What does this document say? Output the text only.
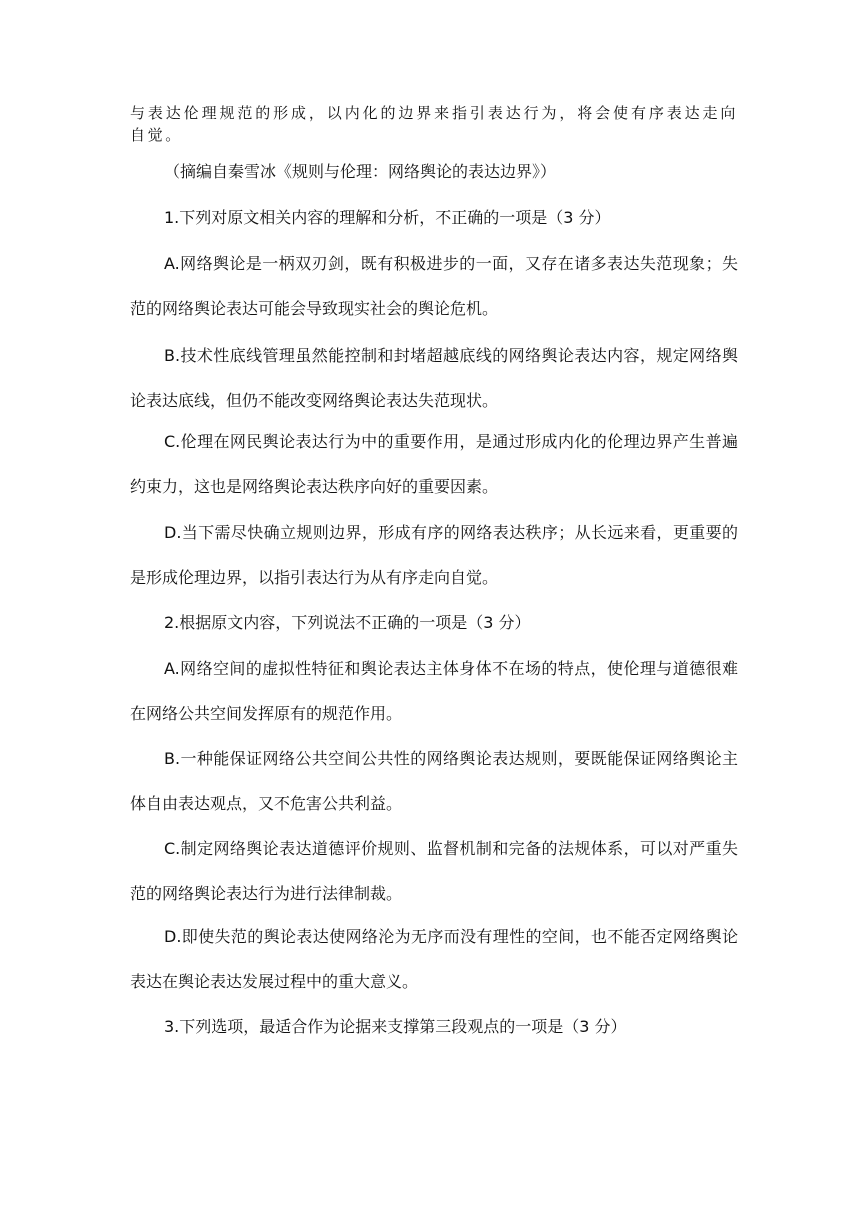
与表达伦理规范的形成，以内化的边界来指引表达行为，将会使有序表达走向自觉。

（摘编自秦雪冰《规则与伦理：网络舆论的表达边界》）

1.下列对原文相关内容的理解和分析，不正确的一项是（3 分）

A.网络舆论是一柄双刃剑，既有积极进步的一面，又存在诸多表达失范现象；失范的网络舆论表达可能会导致现实社会的舆论危机。

B.技术性底线管理虽然能控制和封堵超越底线的网络舆论表达内容，规定网络舆论表达底线，但仍不能改变网络舆论表达失范现状。

C.伦理在网民舆论表达行为中的重要作用，是通过形成内化的伦理边界产生普遍约束力，这也是网络舆论表达秩序向好的重要因素。

D.当下需尽快确立规则边界，形成有序的网络表达秩序；从长远来看，更重要的是形成伦理边界，以指引表达行为从有序走向自觉。

2.根据原文内容，下列说法不正确的一项是（3 分）

A.网络空间的虚拟性特征和舆论表达主体身体不在场的特点，使伦理与道德很难在网络公共空间发挥原有的规范作用。

B.一种能保证网络公共空间公共性的网络舆论表达规则，要既能保证网络舆论主体自由表达观点，又不危害公共利益。

C.制定网络舆论表达道德评价规则、监督机制和完备的法规体系，可以对严重失范的网络舆论表达行为进行法律制裁。

D.即使失范的舆论表达使网络沦为无序而没有理性的空间，也不能否定网络舆论表达在舆论表达发展过程中的重大意义。

3.下列选项，最适合作为论据来支撑第三段观点的一项是（3 分）
